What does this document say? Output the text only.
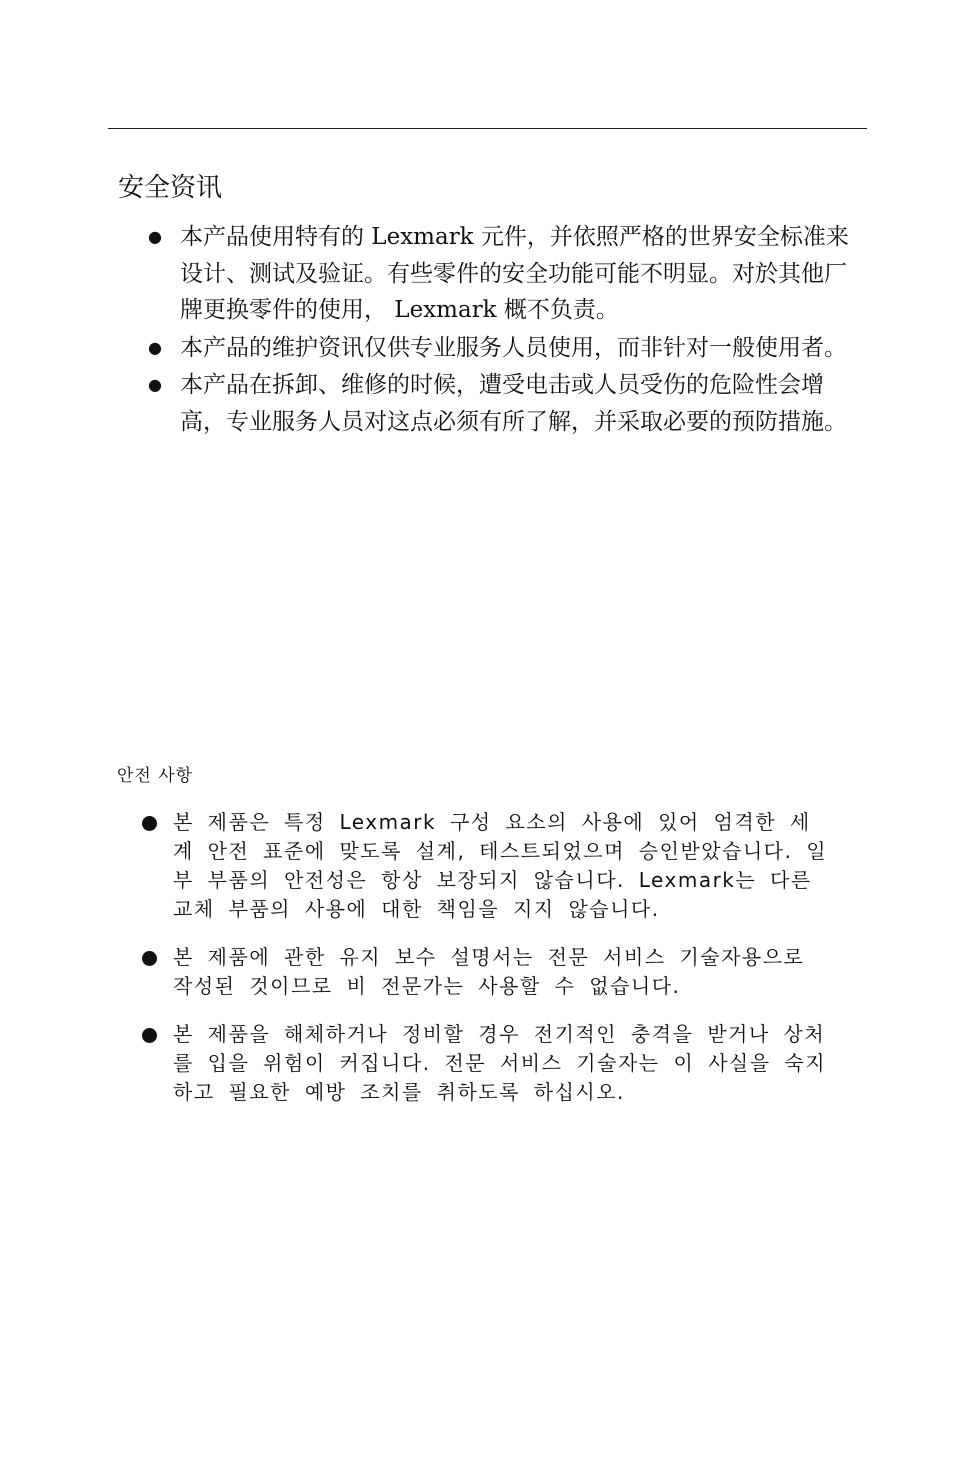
安全资讯
● 本产品使用特有的 Lexmark 元件，并依照严格的世界安全标准来设计、测试及验证。有些零件的安全功能可能不明显。对於其他厂牌更换零件的使用， Lexmark 概不负责。
● 本产品的维护资讯仅供专业服务人员使用，而非针对一般使用者。
● 本产品在拆卸、维修的时候，遭受电击或人员受伤的危险性会增高，专业服务人员对这点必须有所了解，并采取必要的预防措施。
안전 사항
본 제품은 특정 Lexmark 구성 요소의 사용에 있어 엄격한 세계 안전 표준에 맞도록 설계, 테스트되었으며 승인받았습니다. 일부 부품의 안전성은 항상 보장되지 않습니다. Lexmark는 다른 교체 부품의 사용에 대한 책임을 지지 않습니다.
본 제품에 관한 유지 보수 설명서는 전문 서비스 기술자용으로 작성된 것이므로 비 전문가는 사용할 수 없습니다.
본 제품을 해체하거나 정비할 경우 전기적인 충격을 받거나 상처를 입을 위험이 커집니다. 전문 서비스 기술자는 이 사실을 숙지하고 필요한 예방 조치를 취하도록 하십시오.
